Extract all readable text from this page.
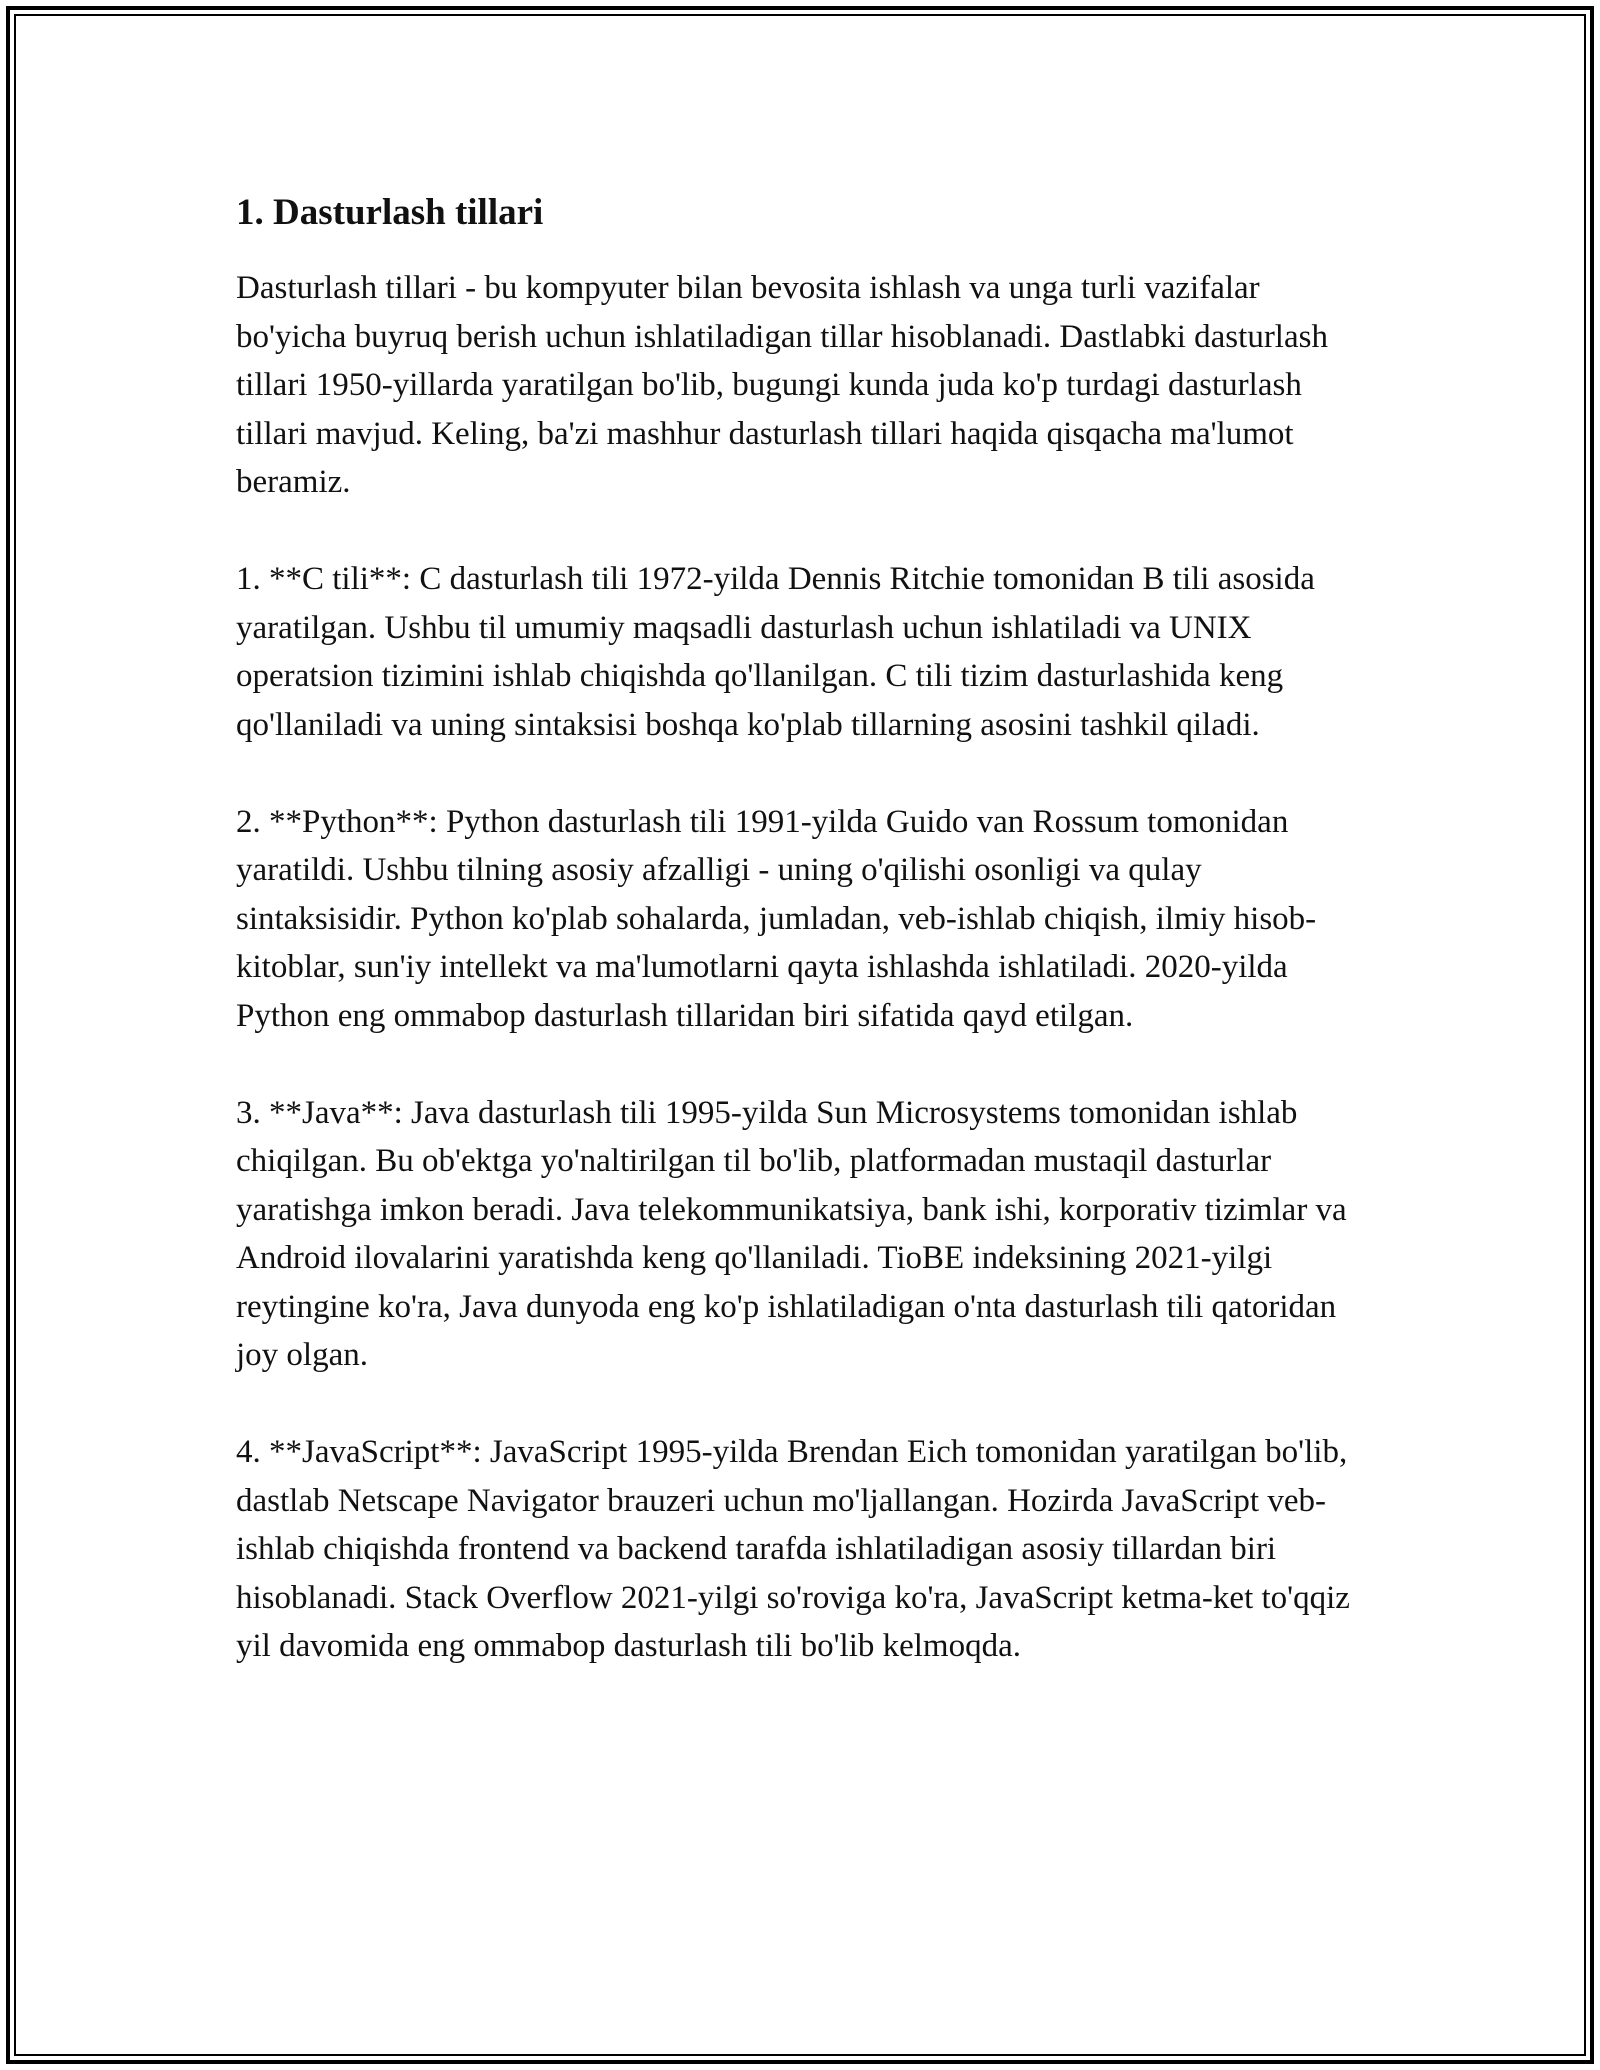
1. Dasturlash tillari

Dasturlash tillari - bu kompyuter bilan bevosita ishlash va unga turli vazifalar bo'yicha buyruq berish uchun ishlatiladigan tillar hisoblanadi. Dastlabki dasturlash tillari 1950-yillarda yaratilgan bo'lib, bugungi kunda juda ko'p turdagi dasturlash tillari mavjud. Keling, ba'zi mashhur dasturlash tillari haqida qisqacha ma'lumot beramiz.

1. **C tili**: C dasturlash tili 1972-yilda Dennis Ritchie tomonidan B tili asosida yaratilgan. Ushbu til umumiy maqsadli dasturlash uchun ishlatiladi va UNIX operatsion tizimini ishlab chiqishda qo'llanilgan. C tili tizim dasturlashida keng qo'llaniladi va uning sintaksisi boshqa ko'plab tillarning asosini tashkil qiladi.

2. **Python**: Python dasturlash tili 1991-yilda Guido van Rossum tomonidan yaratildi. Ushbu tilning asosiy afzalligi - uning o'qilishi osonligi va qulay sintaksisidir. Python ko'plab sohalarda, jumladan, veb-ishlab chiqish, ilmiy hisob-kitoblar, sun'iy intellekt va ma'lumotlarni qayta ishlashda ishlatiladi. 2020-yilda Python eng ommabop dasturlash tillaridan biri sifatida qayd etilgan.

3. **Java**: Java dasturlash tili 1995-yilda Sun Microsystems tomonidan ishlab chiqilgan. Bu ob'ektga yo'naltirilgan til bo'lib, platformadan mustaqil dasturlar yaratishga imkon beradi. Java telekommunikatsiya, bank ishi, korporativ tizimlar va Android ilovalarini yaratishda keng qo'llaniladi. TioBE indeksining 2021-yilgi reytingine ko'ra, Java dunyoda eng ko'p ishlatiladigan o'nta dasturlash tili qatoridan joy olgan.

4. **JavaScript**: JavaScript 1995-yilda Brendan Eich tomonidan yaratilgan bo'lib, dastlab Netscape Navigator brauzeri uchun mo'ljallangan. Hozirda JavaScript veb-ishlab chiqishda frontend va backend tarafda ishlatiladigan asosiy tillardan biri hisoblanadi. Stack Overflow 2021-yilgi so'roviga ko'ra, JavaScript ketma-ket to'qqiz yil davomida eng ommabop dasturlash tili bo'lib kelmoqda.
